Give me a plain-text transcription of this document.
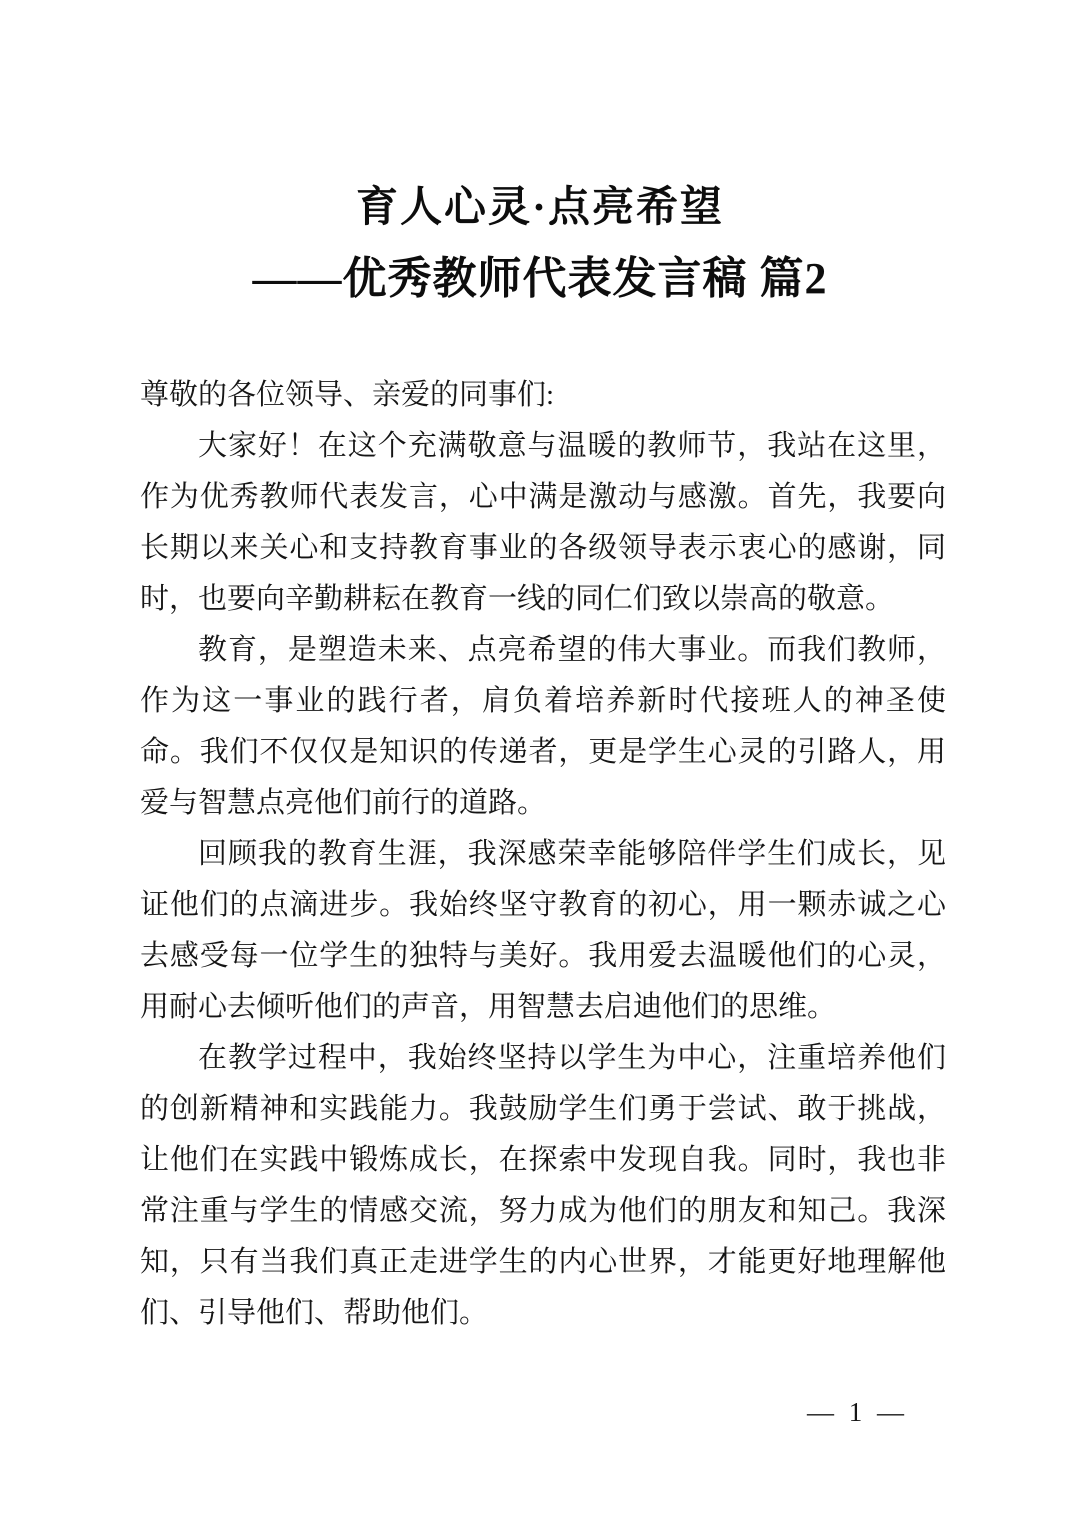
育人心灵·点亮希望
——优秀教师代表发言稿 篇2

尊敬的各位领导、亲爱的同事们:

大家好！在这个充满敬意与温暖的教师节，我站在这里，作为优秀教师代表发言，心中满是激动与感激。首先，我要向长期以来关心和支持教育事业的各级领导表示衷心的感谢，同时，也要向辛勤耕耘在教育一线的同仁们致以崇高的敬意。

教育，是塑造未来、点亮希望的伟大事业。而我们教师，作为这一事业的践行者，肩负着培养新时代接班人的神圣使命。我们不仅仅是知识的传递者，更是学生心灵的引路人，用爱与智慧点亮他们前行的道路。

回顾我的教育生涯，我深感荣幸能够陪伴学生们成长，见证他们的点滴进步。我始终坚守教育的初心，用一颗赤诚之心去感受每一位学生的独特与美好。我用爱去温暖他们的心灵，用耐心去倾听他们的声音，用智慧去启迪他们的思维。

在教学过程中，我始终坚持以学生为中心，注重培养他们的创新精神和实践能力。我鼓励学生们勇于尝试、敢于挑战，让他们在实践中锻炼成长，在探索中发现自我。同时，我也非常注重与学生的情感交流，努力成为他们的朋友和知己。我深知，只有当我们真正走进学生的内心世界，才能更好地理解他们、引导他们、帮助他们。

— 1 —
